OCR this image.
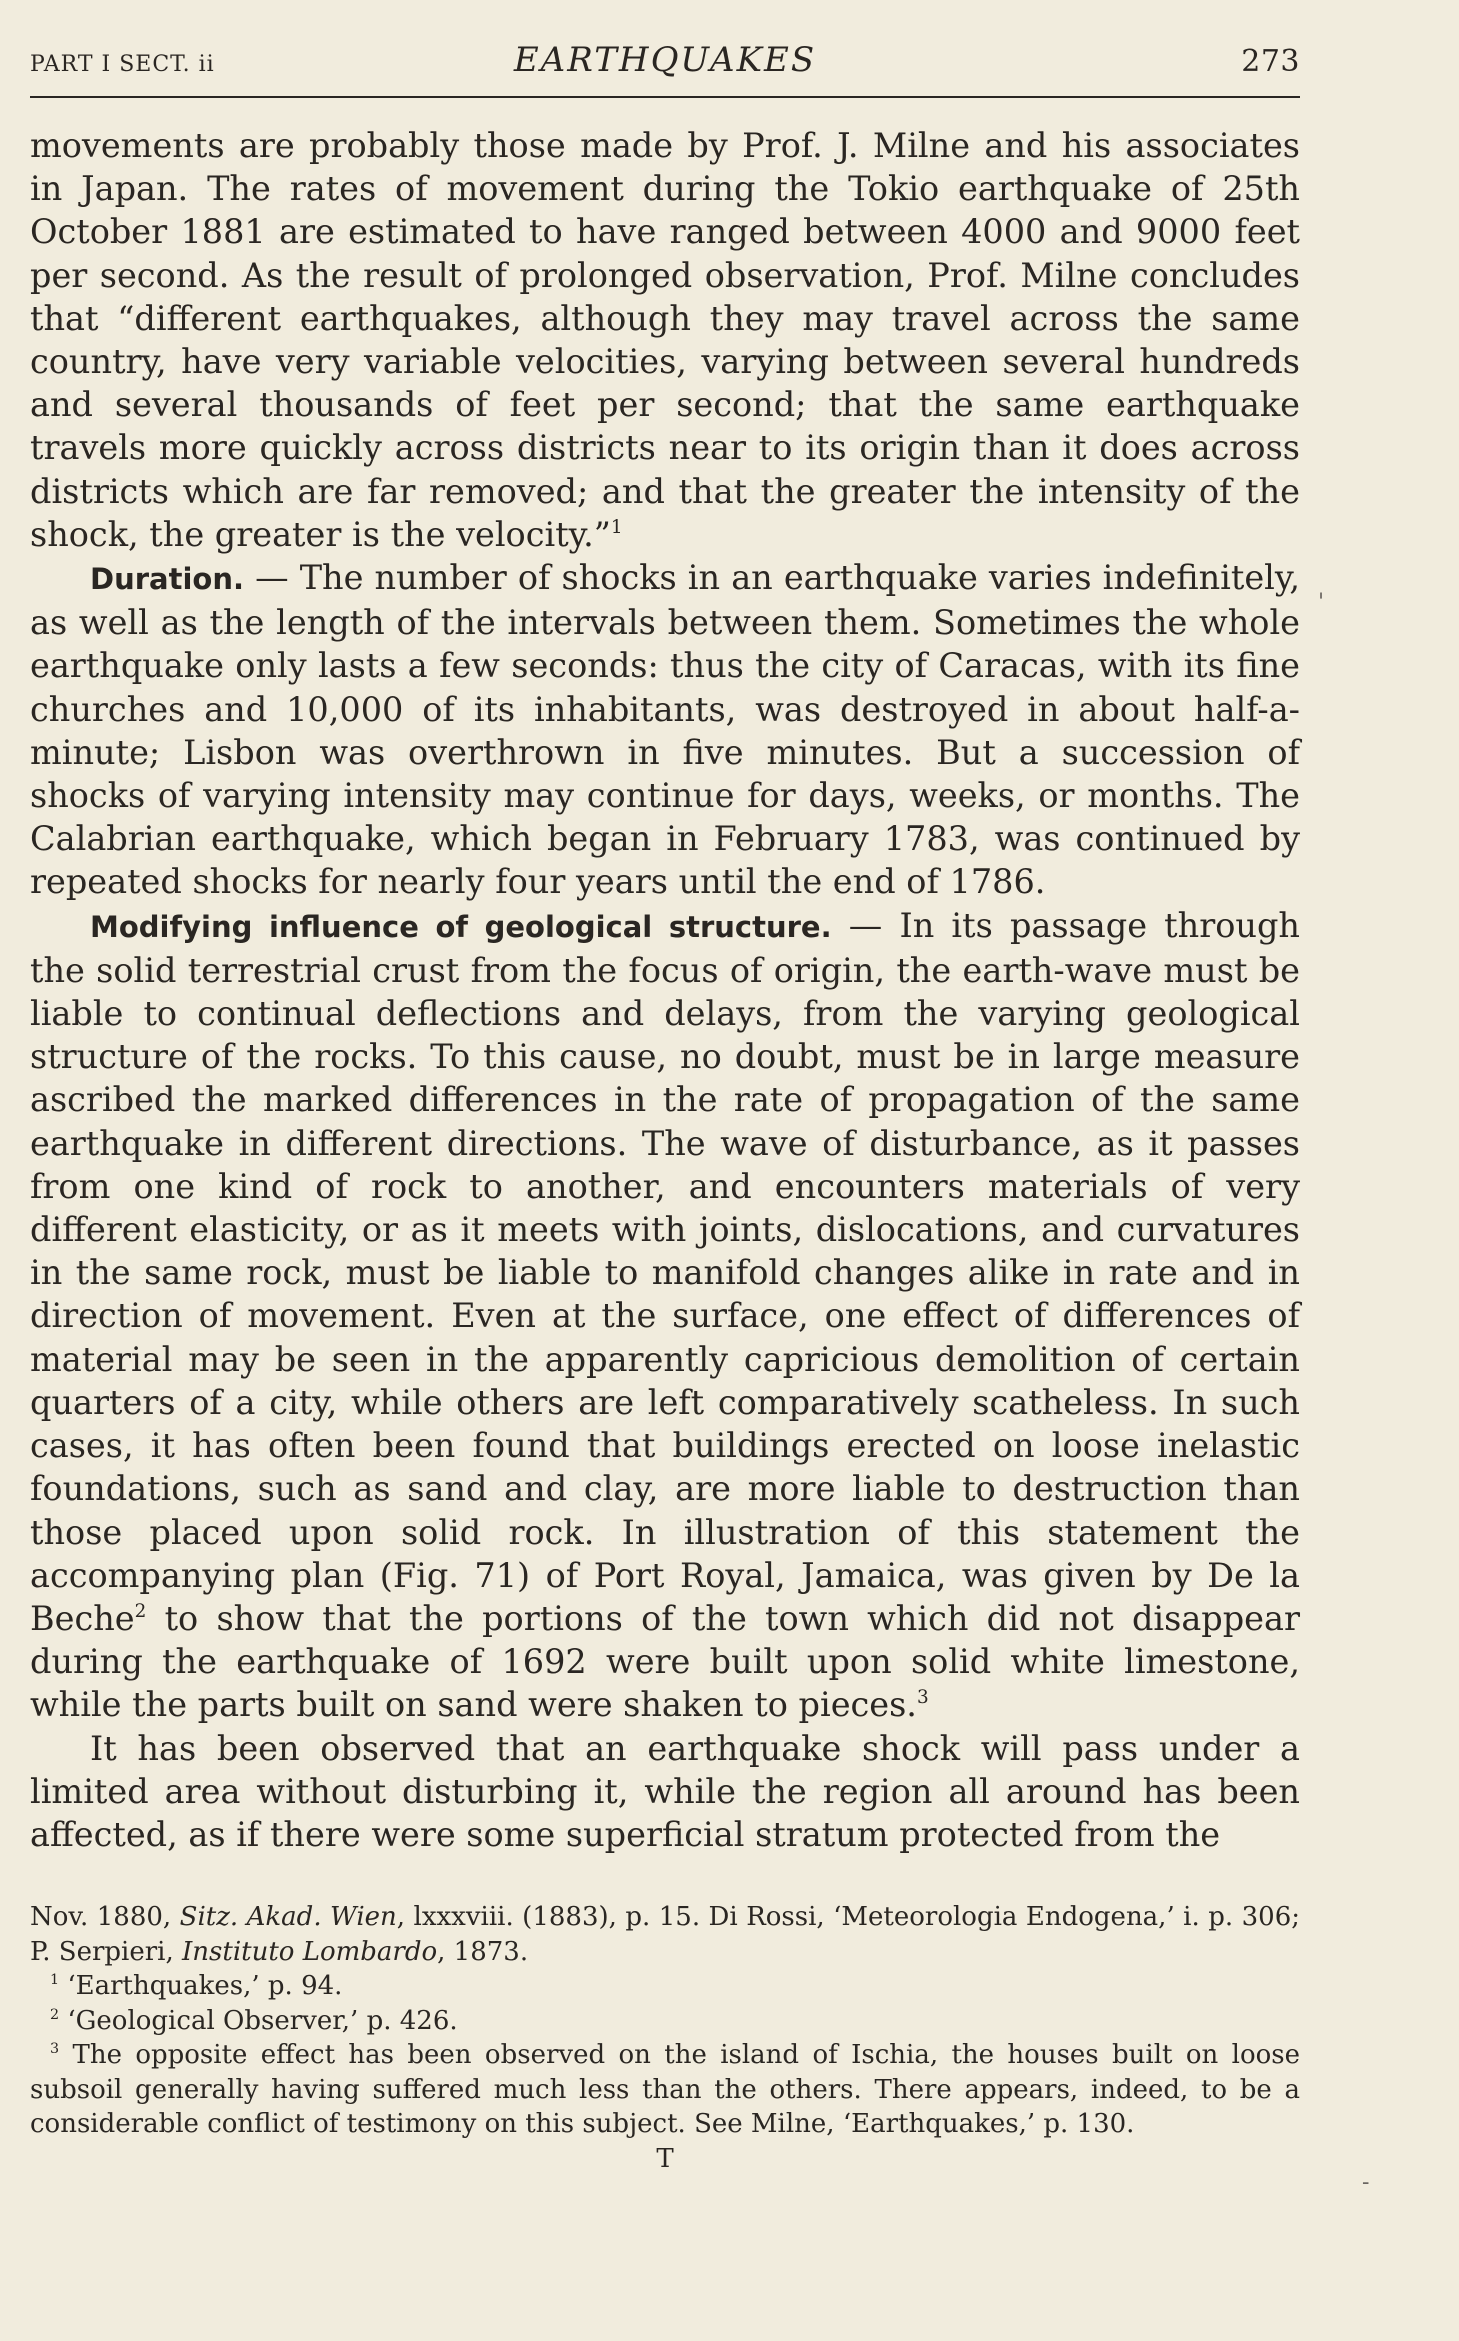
PART I SECT. ii	EARTHQUAKES	273

movements are probably those made by Prof. J. Milne and his associates in Japan. The rates of movement during the Tokio earthquake of 25th October 1881 are estimated to have ranged between 4000 and 9000 feet per second. As the result of prolonged observation, Prof. Milne concludes that “different earthquakes, although they may travel across the same country, have very variable velocities, varying between several hundreds and several thousands of feet per second; that the same earthquake travels more quickly across districts near to its origin than it does across districts which are far removed; and that the greater the intensity of the shock, the greater is the velocity.”$^1$

Duration. — The number of shocks in an earthquake varies indefinitely, as well as the length of the intervals between them. Sometimes the whole earthquake only lasts a few seconds: thus the city of Caracas, with its fine churches and 10,000 of its inhabitants, was destroyed in about half-a-minute; Lisbon was overthrown in five minutes. But a succession of shocks of varying intensity may continue for days, weeks, or months. The Calabrian earthquake, which began in February 1783, was continued by repeated shocks for nearly four years until the end of 1786.

Modifying influence of geological structure. — In its passage through the solid terrestrial crust from the focus of origin, the earth-wave must be liable to continual deflections and delays, from the varying geological structure of the rocks. To this cause, no doubt, must be in large measure ascribed the marked differences in the rate of propagation of the same earthquake in different directions. The wave of disturbance, as it passes from one kind of rock to another, and encounters materials of very different elasticity, or as it meets with joints, dislocations, and curvatures in the same rock, must be liable to manifold changes alike in rate and in direction of movement. Even at the surface, one effect of differences of material may be seen in the apparently capricious demolition of certain quarters of a city, while others are left comparatively scatheless. In such cases, it has often been found that buildings erected on loose inelastic foundations, such as sand and clay, are more liable to destruction than those placed upon solid rock. In illustration of this statement the accompanying plan (Fig. 71) of Port Royal, Jamaica, was given by De la Beche$^2$ to show that the portions of the town which did not disappear during the earthquake of 1692 were built upon solid white limestone, while the parts built on sand were shaken to pieces.$^3$

It has been observed that an earthquake shock will pass under a limited area without disturbing it, while the region all around has been affected, as if there were some superficial stratum protected from the

Nov. 1880, Sitz. Akad. Wien, lxxxviii. (1883), p. 15. Di Rossi, ‘Meteorologia Endogena,’ i. p. 306; P. Serpieri, Instituto Lombardo, 1873.

$^1$ ‘Earthquakes,’ p. 94.

$^2$ ‘Geological Observer,’ p. 426.

$^3$ The opposite effect has been observed on the island of Ischia, the houses built on loose subsoil generally having suffered much less than the others. There appears, indeed, to be a considerable conflict of testimony on this subject. See Milne, ‘Earthquakes,’ p. 130.

T
'
-
